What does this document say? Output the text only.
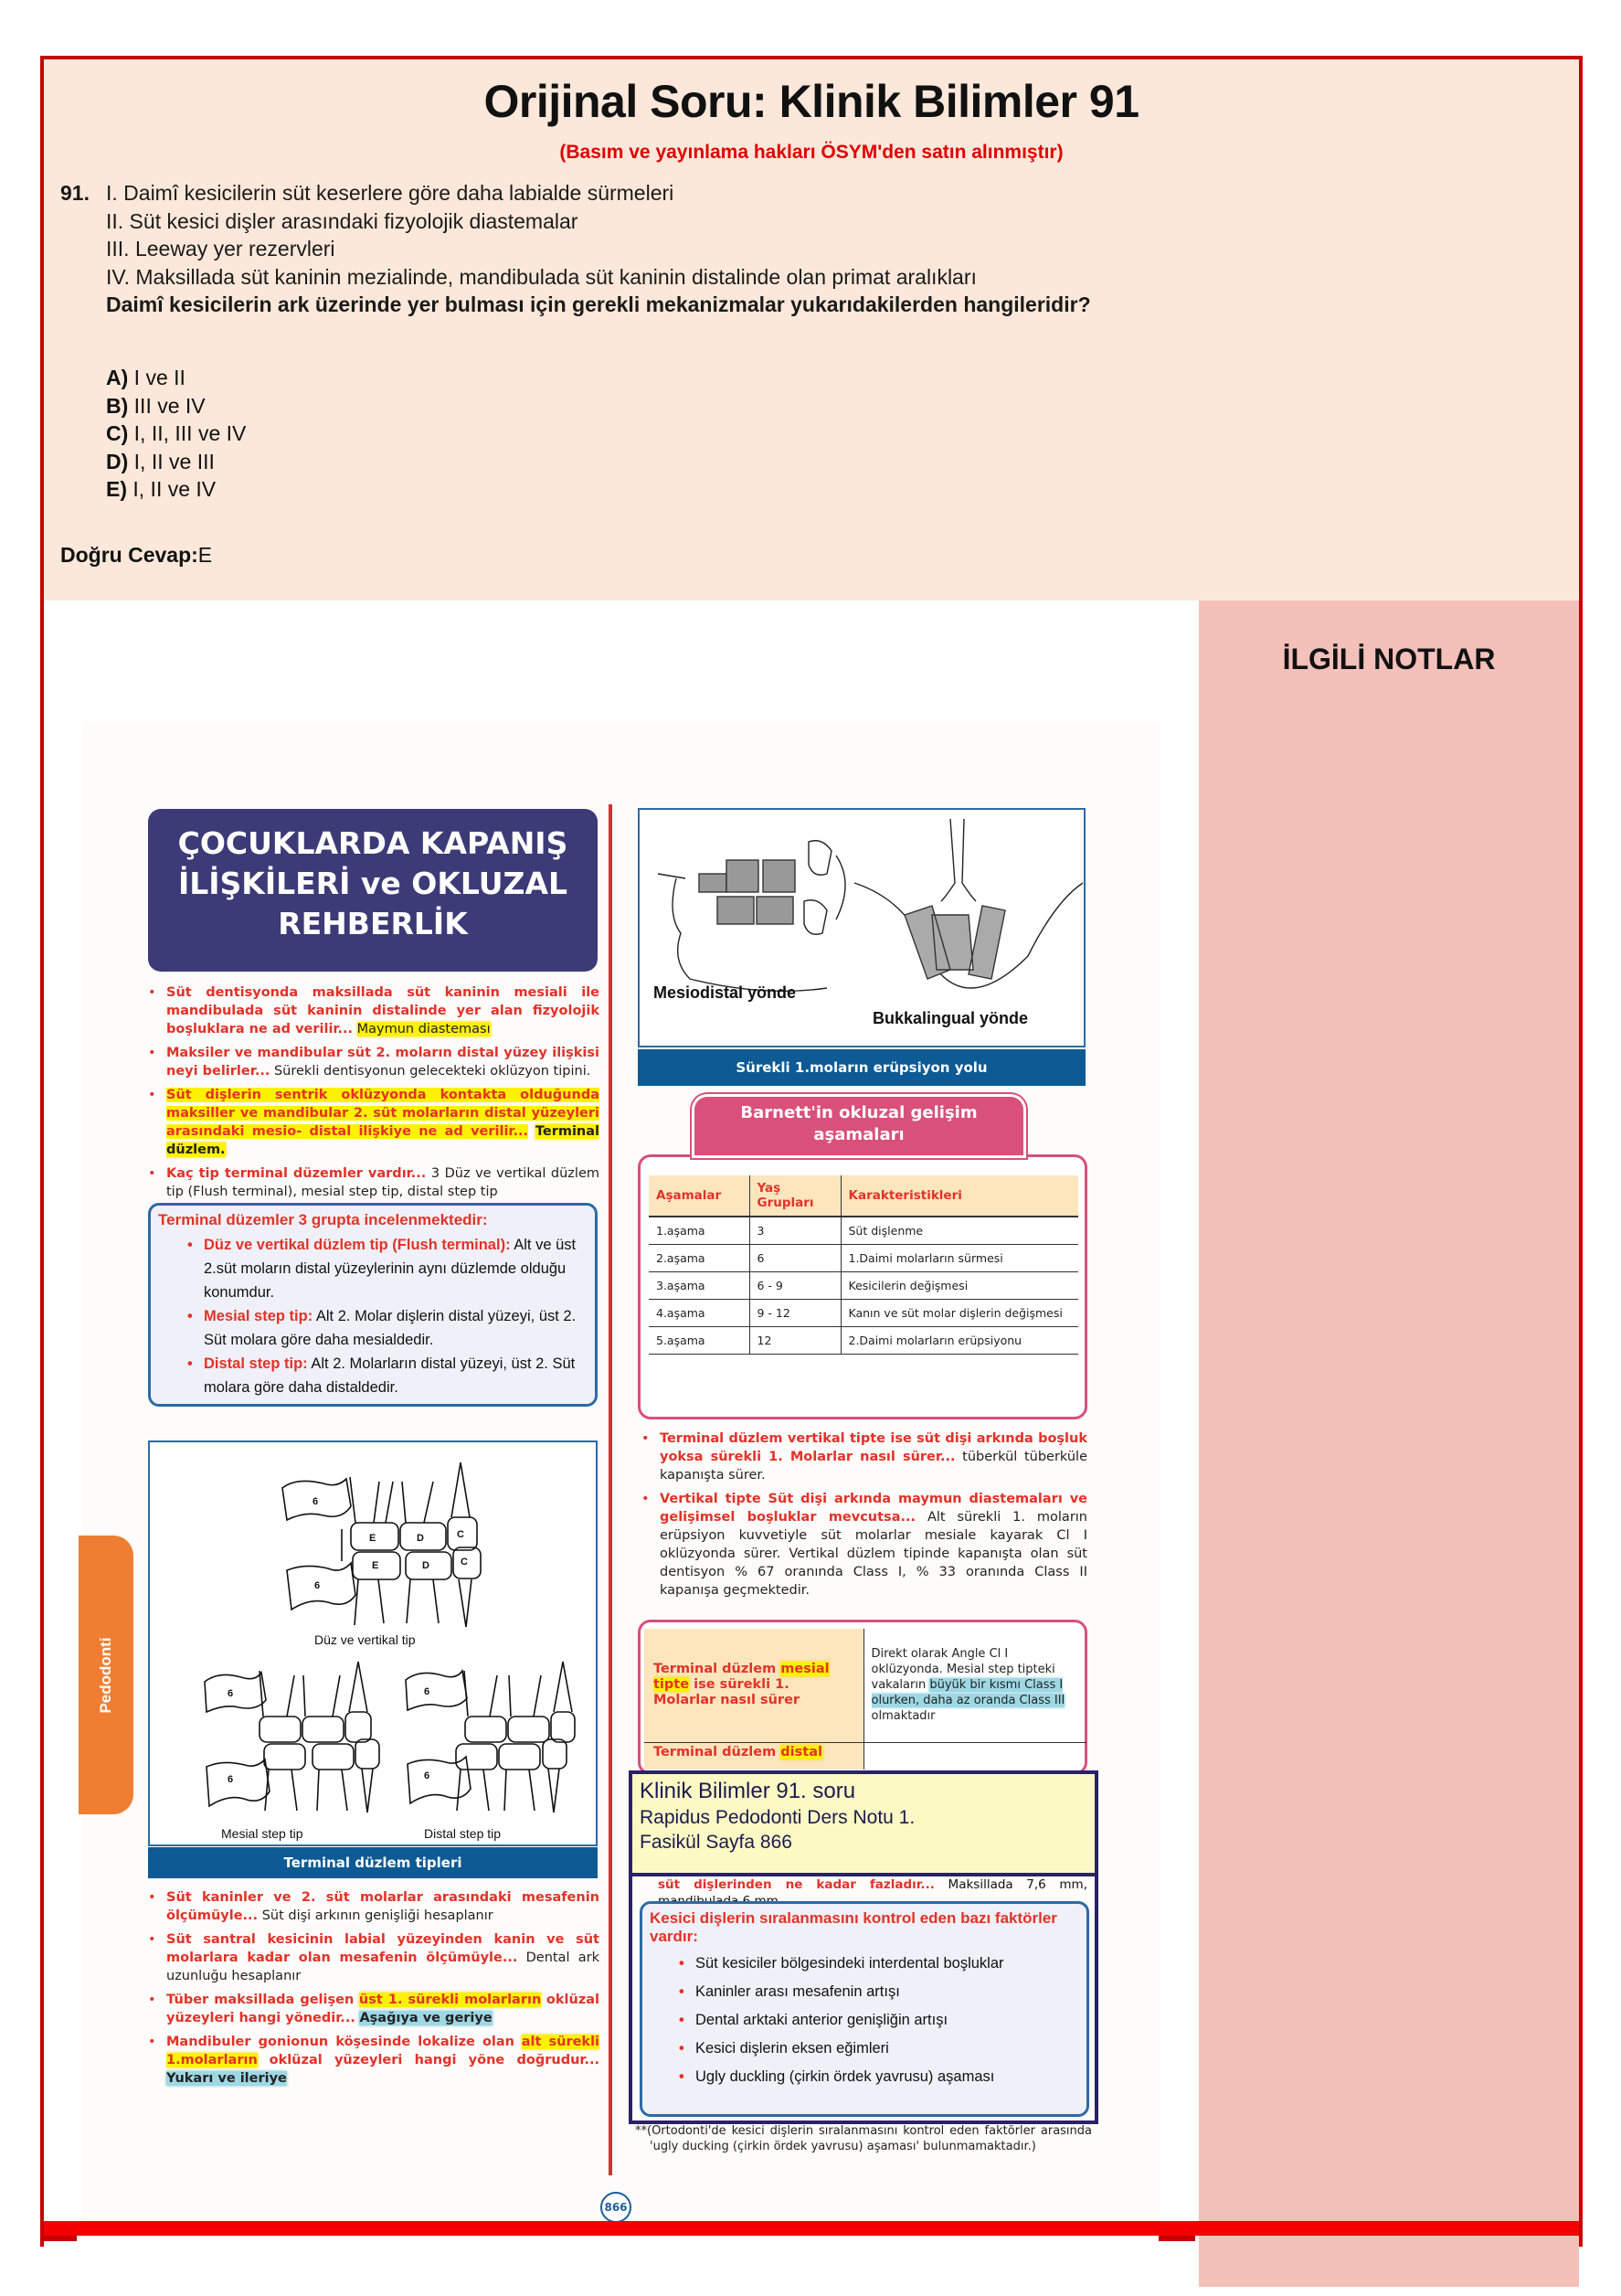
Orijinal Soru: Klinik Bilimler 91
(Basım ve yayınlama hakları ÖSYM'den satın alınmıştır)
91. I. Daimî kesicilerin süt keserlere göre daha labialde sürmeleri
II. Süt kesici dişler arasındaki fizyolojik diastemalar
III. Leeway yer rezervleri
IV. Maksillada süt kaninin mezialinde, mandibulada süt kaninin distalinde olan primat aralıkları
Daimî kesicilerin ark üzerinde yer bulması için gerekli mekanizmalar yukarıdakilerden hangileridir?
A) I ve II
B) III ve IV
C) I, II, III ve IV
D) I, II ve III
E) I, II ve IV
Doğru Cevap:E
İLGİLİ NOTLAR
Pedodonti
ÇOCUKLARDA KAPANIŞ
İLİŞKİLERİ ve OKLUZAL
REHBERLİK
• Süt dentisyonda maksillada süt kaninin mesiali ile mandibulada süt kaninin distalinde yer alan fizyolojik boşluklara ne ad verilir... Maymun diasteması
• Maksiler ve mandibular süt 2. moların distal yüzey ilişkisi neyi belirler... Sürekli dentisyonun gelecekteki oklüzyon tipini.
• Süt dişlerin sentrik oklüzyonda kontakta olduğunda maksiller ve mandibular 2. süt molarların distal yüzeyleri arasındaki mesio- distal ilişkiye ne ad verilir... Terminal düzlem.
• Kaç tip terminal düzemler vardır... 3 Düz ve vertikal düzlem tip (Flush terminal), mesial step tip, distal step tip
Terminal düzemler 3 grupta incelenmektedir:
• Düz ve vertikal düzlem tip (Flush terminal): Alt ve üst 2.süt moların distal yüzeylerinin aynı düzlemde olduğu konumdur.
• Mesial step tip: Alt 2. Molar dişlerin distal yüzeyi, üst 2. Süt molara göre daha mesialdedir.
• Distal step tip: Alt 2. Molarların distal yüzeyi, üst 2. Süt molara göre daha distaldedir.
6
6
E	D	C
E	D	C
6
6
6
6
Düz ve vertikal tip
Mesial step tip	Distal step tip
Terminal düzlem tipleri
• Süt kaninler ve 2. süt molarlar arasındaki mesafenin ölçümüyle... Süt dişi arkının genişliği hesaplanır
• Süt santral kesicinin labial yüzeyinden kanin ve süt molarlara kadar olan mesafenin ölçümüyle... Dental ark uzunluğu hesaplanır
• Tüber maksillada gelişen üst 1. sürekli molarların oklüzal yüzeyleri hangi yönedir... Aşağıya ve geriye
• Mandibuler gonionun köşesinde lokalize olan alt sürekli 1.molarların oklüzal yüzeyleri hangi yöne doğrudur... Yukarı ve ileriye
Mesiodistal yönde
Bukkalingual yönde
Sürekli 1.moların erüpsiyon yolu
Barnett'in okluzal gelişim
aşamaları
Aşamalar	Yaş Grupları	Karakteristikleri
1.aşama	3	Süt dişlenme
2.aşama	6	1.Daimi molarların sürmesi
3.aşama	6 - 9	Kesicilerin değişmesi
4.aşama	9 - 12	Kanın ve süt molar dişlerin değişmesi
5.aşama	12	2.Daimi molarların erüpsiyonu
• Terminal düzlem vertikal tipte ise süt dişi arkında boşluk yoksa sürekli 1. Molarlar nasıl sürer... tüberkül tüberküle kapanışta sürer.
• Vertikal tipte Süt dişi arkında maymun diastemaları ve gelişimsel boşluklar mevcutsa... Alt sürekli 1. moların erüpsiyon kuvvetiyle süt molarlar mesiale kayarak Cl I oklüzyonda sürer. Vertikal düzlem tipinde kapanışta olan süt dentisyon % 67 oranında Class I, % 33 oranında Class II kapanışa geçmektedir.
Terminal düzlem mesial tipte ise sürekli 1. Molarlar nasıl sürer	Direkt olarak Angle Cl I oklüzyonda. Mesial step tipteki vakaların büyük bir kısmı Class I olurken, daha az oranda Class III olmaktadır
Terminal düzlem distal	
süt dişlerinden ne kadar fazladır... Maksillada 7,6 mm,
Kesici dişlerin sıralanmasını kontrol eden bazı faktörler vardır:
• Süt kesiciler bölgesindeki interdental boşluklar
• Kaninler arası mesafenin artışı
• Dental arktaki anterior genişliğin artışı
• Kesici dişlerin eksen eğimleri
• Ugly duckling (çirkin ördek yavrusu) aşaması
Klinik Bilimler 91. soru
Rapidus Pedodonti Ders Notu 1.
Fasikül Sayfa 866
**(Ortodonti'de kesici dişlerin sıralanmasını kontrol eden faktörler arasında 'ugly ducking (çirkin ördek yavrusu) aşaması' bulunmamaktadır.)
866
